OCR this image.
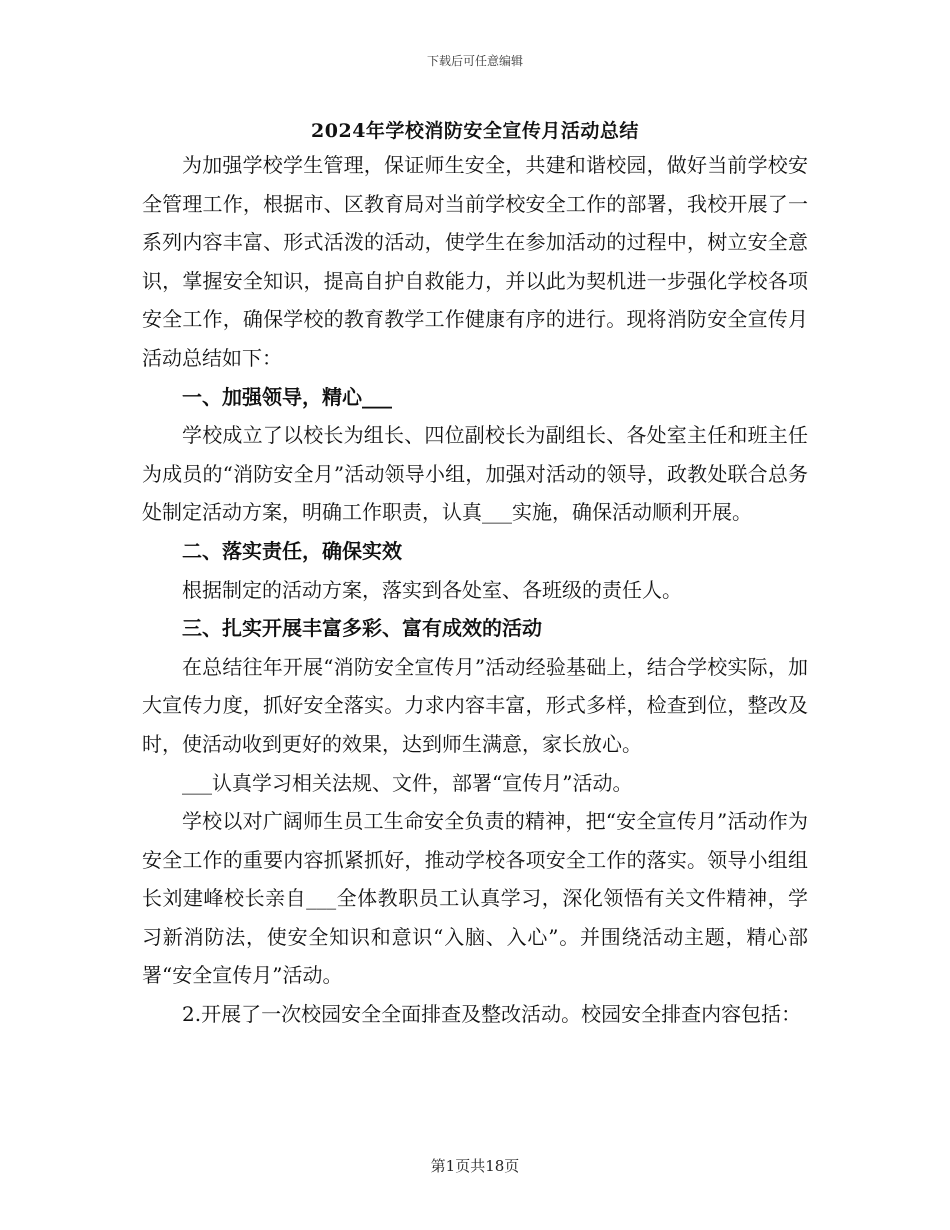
下载后可任意编辑
2024年学校消防安全宣传月活动总结

为加强学校学生管理，保证师生安全，共建和谐校园，做好当前学校安全管理工作，根据市、区教育局对当前学校安全工作的部署，我校开展了一系列内容丰富、形式活泼的活动，使学生在参加活动的过程中，树立安全意识，掌握安全知识，提高自护自救能力，并以此为契机进一步强化学校各项安全工作，确保学校的教育教学工作健康有序的进行。现将消防安全宣传月活动总结如下：

一、加强领导，精心___

学校成立了以校长为组长、四位副校长为副组长、各处室主任和班主任为成员的“消防安全月”活动领导小组，加强对活动的领导，政教处联合总务处制定活动方案，明确工作职责，认真___实施，确保活动顺利开展。

二、落实责任，确保实效

根据制定的活动方案，落实到各处室、各班级的责任人。

三、扎实开展丰富多彩、富有成效的活动

在总结往年开展“消防安全宣传月”活动经验基础上，结合学校实际，加大宣传力度，抓好安全落实。力求内容丰富，形式多样，检查到位，整改及时，使活动收到更好的效果，达到师生满意，家长放心。

___认真学习相关法规、文件，部署“宣传月”活动。

学校以对广阔师生员工生命安全负责的精神，把“安全宣传月”活动作为安全工作的重要内容抓紧抓好，推动学校各项安全工作的落实。领导小组组长刘建峰校长亲自___全体教职员工认真学习，深化领悟有关文件精神，学习新消防法，使安全知识和意识“入脑、入心”。并围绕活动主题，精心部署“安全宣传月”活动。

2.开展了一次校园安全全面排查及整改活动。校园安全排查内容包括：

第1页共18页
